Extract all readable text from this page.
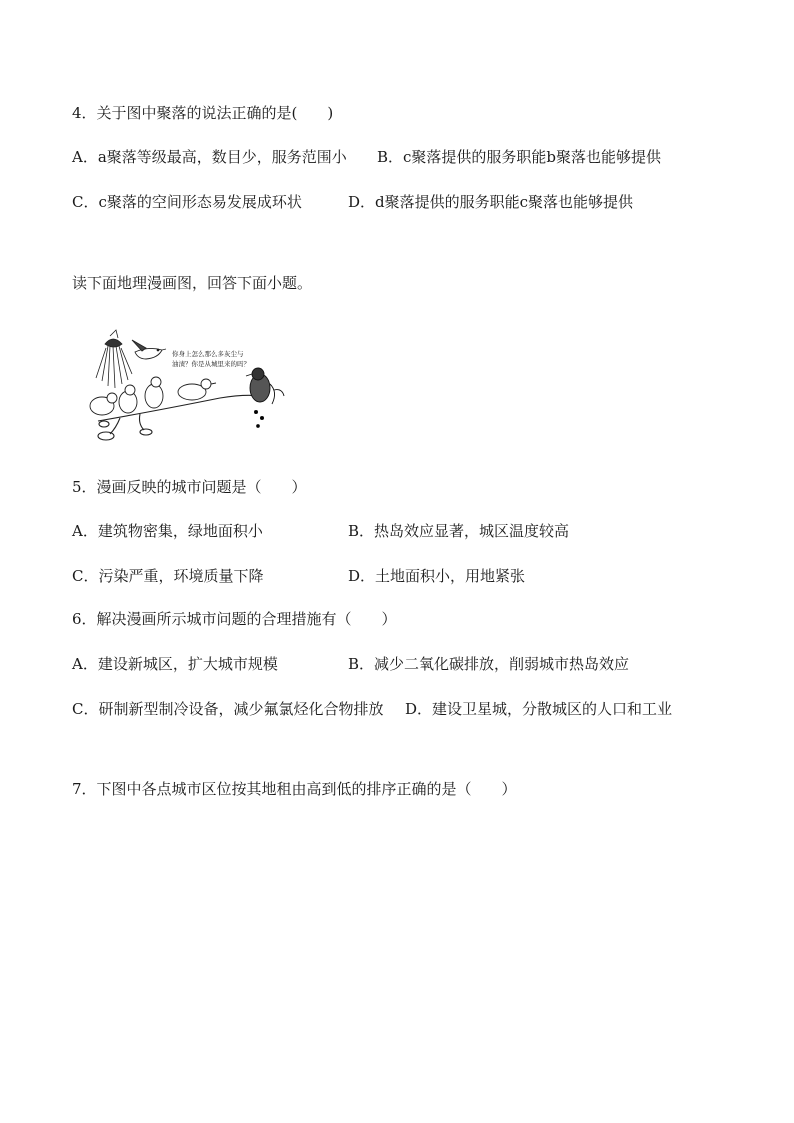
4．关于图中聚落的说法正确的是(　　)
A．a聚落等级最高，数目少，服务范围小 B．c聚落提供的服务职能b聚落也能够提供
C．c聚落的空间形态易发展成环状	D．d聚落提供的服务职能c聚落也能够提供
读下面地理漫画图，回答下面小题。
你身上怎么那么多灰尘与
油渍？你是从城里来的吗？
5．漫画反映的城市问题是（　　）
A．建筑物密集，绿地面积小	B．热岛效应显著，城区温度较高
C．污染严重，环境质量下降	D．土地面积小，用地紧张
6．解决漫画所示城市问题的合理措施有（　　）
A．建设新城区，扩大城市规模	B．减少二氧化碳排放，削弱城市热岛效应
C．研制新型制冷设备，减少氟氯烃化合物排放 D．建设卫星城，分散城区的人口和工业
7．下图中各点城市区位按其地租由高到低的排序正确的是（　　）
